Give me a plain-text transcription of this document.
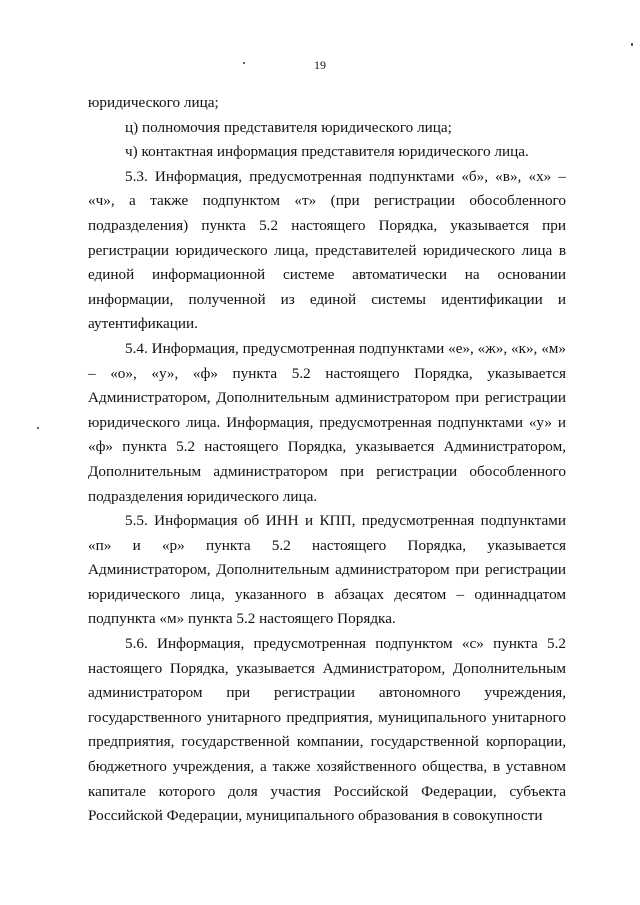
19

юридического лица;

ц) полномочия представителя юридического лица;

ч) контактная информация представителя юридического лица.

5.3. Информация, предусмотренная подпунктами «б», «в», «х» – «ч», а также подпунктом «т» (при регистрации обособленного подразделения) пункта 5.2 настоящего Порядка, указывается при регистрации юридического лица, представителей юридического лица в единой информационной системе автоматически на основании информации, полученной из единой системы идентификации и аутентификации.

5.4. Информация, предусмотренная подпунктами «е», «ж», «к», «м» – «о», «у», «ф» пункта 5.2 настоящего Порядка, указывается Администратором, Дополнительным администратором при регистрации юридического лица. Информация, предусмотренная подпунктами «у» и «ф» пункта 5.2 настоящего Порядка, указывается Администратором, Дополнительным администратором при регистрации обособленного подразделения юридического лица.

5.5. Информация об ИНН и КПП, предусмотренная подпунктами «п» и «р» пункта 5.2 настоящего Порядка, указывается Администратором, Дополнительным администратором при регистрации юридического лица, указанного в абзацах десятом – одиннадцатом подпункта «м» пункта 5.2 настоящего Порядка.

5.6. Информация, предусмотренная подпунктом «с» пункта 5.2 настоящего Порядка, указывается Администратором, Дополнительным администратором при регистрации автономного учреждения, государственного унитарного предприятия, муниципального унитарного предприятия, государственной компании, государственной корпорации, бюджетного учреждения, а также хозяйственного общества, в уставном капитале которого доля участия Российской Федерации, субъекта Российской Федерации, муниципального образования в совокупности
